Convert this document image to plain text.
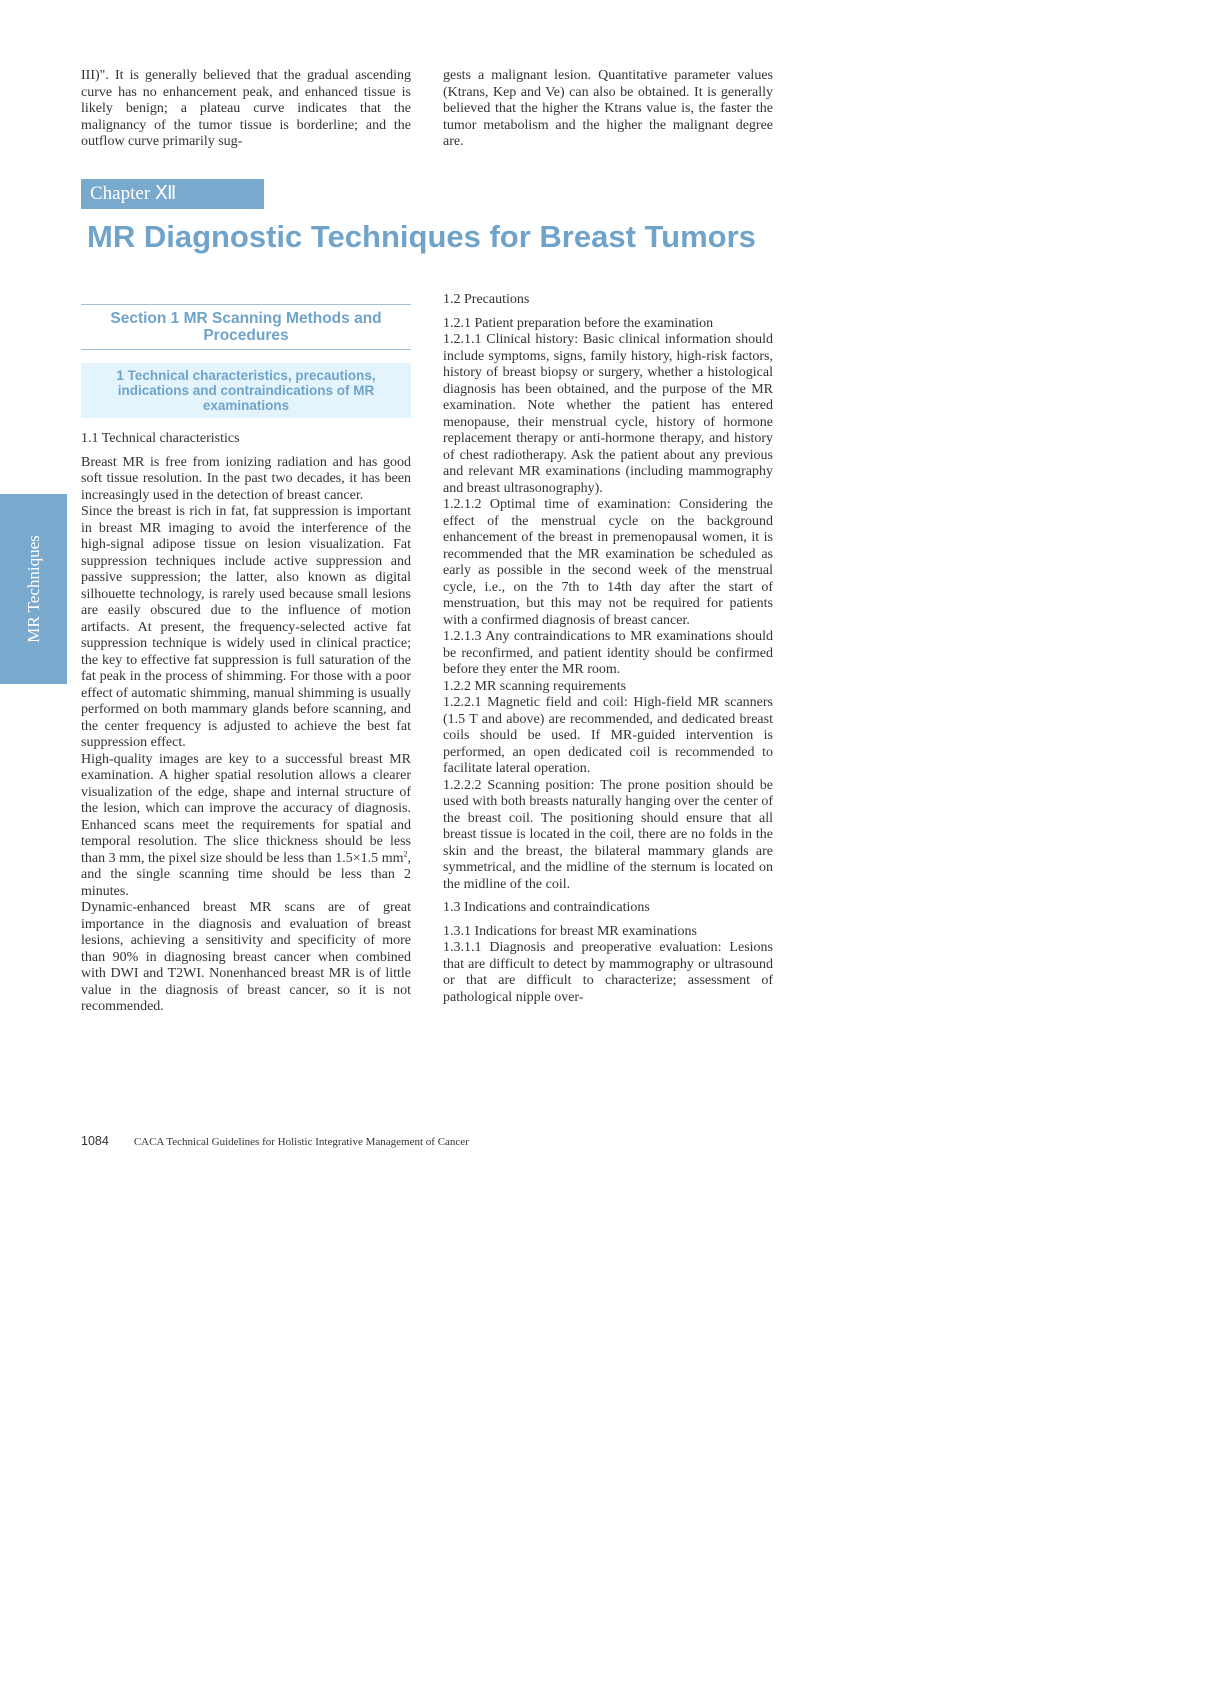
III)". It is generally believed that the gradual ascending curve has no enhancement peak, and enhanced tissue is likely benign; a plateau curve indicates that the malignancy of the tumor tissue is borderline; and the outflow curve primarily sug-

gests a malignant lesion. Quantitative parameter values (Ktrans, Kep and Ve) can also be obtained. It is generally believed that the higher the Ktrans value is, the faster the tumor metabolism and the higher the malignant degree are.

Chapter Ⅻ
MR Diagnostic Techniques for Breast Tumors
MR Techniques
Section 1 MR Scanning Methods and Procedures
1 Technical characteristics, precautions, indications and contraindications of MR examinations

1.1 Technical characteristics

Breast MR is free from ionizing radiation and has good soft tissue resolution. In the past two decades, it has been increasingly used in the detection of breast cancer.

Since the breast is rich in fat, fat suppression is important in breast MR imaging to avoid the interference of the high-signal adipose tissue on lesion visualization. Fat suppression techniques include active suppression and passive suppression; the latter, also known as digital silhouette technology, is rarely used because small lesions are easily obscured due to the influence of motion artifacts. At present, the frequency-selected active fat suppression technique is widely used in clinical practice; the key to effective fat suppression is full saturation of the fat peak in the process of shimming. For those with a poor effect of automatic shimming, manual shimming is usually performed on both mammary glands before scanning, and the center frequency is adjusted to achieve the best fat suppression effect.

High-quality images are key to a successful breast MR examination. A higher spatial resolution allows a clearer visualization of the edge, shape and internal structure of the lesion, which can improve the accuracy of diagnosis. Enhanced scans meet the requirements for spatial and temporal resolution. The slice thickness should be less than 3 mm, the pixel size should be less than 1.5×1.5 $mm^2$, and the single scanning time should be less than 2 minutes.

Dynamic-enhanced breast MR scans are of great importance in the diagnosis and evaluation of breast lesions, achieving a sensitivity and specificity of more than 90% in diagnosing breast cancer when combined with DWI and T2WI. Nonenhanced breast MR is of little value in the diagnosis of breast cancer, so it is not recommended.

1.2 Precautions

1.2.1 Patient preparation before the examination

1.2.1.1 Clinical history: Basic clinical information should include symptoms, signs, family history, high-risk factors, history of breast biopsy or surgery, whether a histological diagnosis has been obtained, and the purpose of the MR examination. Note whether the patient has entered menopause, their menstrual cycle, history of hormone replacement therapy or anti-hormone therapy, and history of chest radiotherapy. Ask the patient about any previous and relevant MR examinations (including mammography and breast ultrasonography).

1.2.1.2 Optimal time of examination: Considering the effect of the menstrual cycle on the background enhancement of the breast in premenopausal women, it is recommended that the MR examination be scheduled as early as possible in the second week of the menstrual cycle, i.e., on the 7th to 14th day after the start of menstruation, but this may not be required for patients with a confirmed diagnosis of breast cancer.

1.2.1.3 Any contraindications to MR examinations should be reconfirmed, and patient identity should be confirmed before they enter the MR room.

1.2.2 MR scanning requirements

1.2.2.1 Magnetic field and coil: High-field MR scanners (1.5 T and above) are recommended, and dedicated breast coils should be used. If MR-guided intervention is performed, an open dedicated coil is recommended to facilitate lateral operation.

1.2.2.2 Scanning position: The prone position should be used with both breasts naturally hanging over the center of the breast coil. The positioning should ensure that all breast tissue is located in the coil, there are no folds in the skin and the breast, the bilateral mammary glands are symmetrical, and the midline of the sternum is located on the midline of the coil.

1.3 Indications and contraindications

1.3.1 Indications for breast MR examinations

1.3.1.1 Diagnosis and preoperative evaluation: Lesions that are difficult to detect by mammography or ultrasound or that are difficult to characterize; assessment of pathological nipple over-

1084 CACA Technical Guidelines for Holistic Integrative Management of Cancer
